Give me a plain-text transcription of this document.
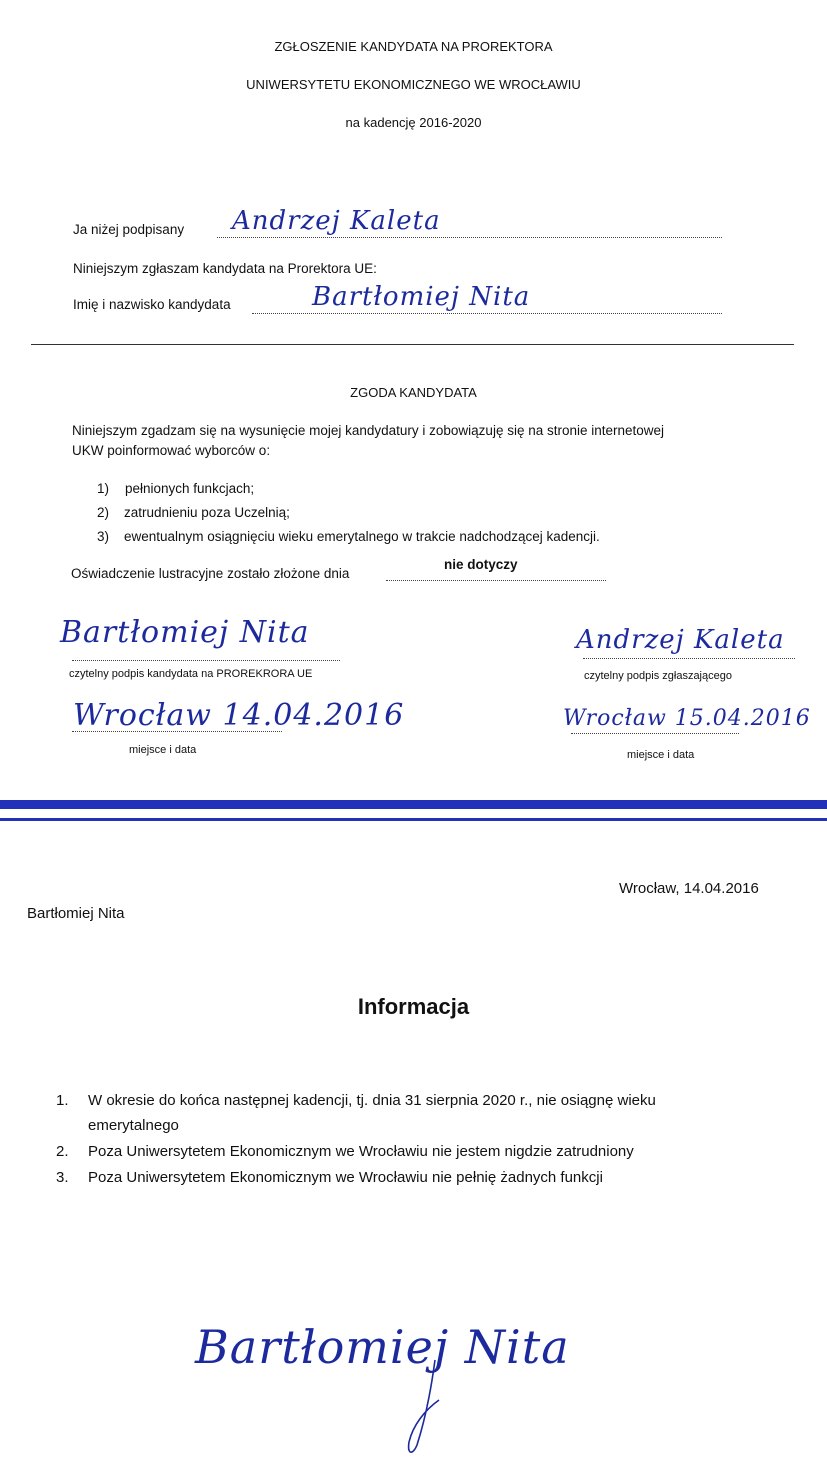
ZGŁOSZENIE KANDYDATA NA PROREKTORA
UNIWERSYTETU EKONOMICZNEGO WE WROCŁAWIU
na kadencję 2016-2020
Ja niżej podpisany Andrzej Kaleta
Niniejszym zgłaszam kandydata na Prorektora UE:
Imię i nazwisko kandydata	Bartłomiej Nita
ZGODA KANDYDATA
Niniejszym zgadzam się na wysunięcie mojej kandydatury i zobowiązuję się na stronie internetowej
UKW poinformować wyborców o:
1) pełnionych funkcjach;
2) zatrudnieniu poza Uczelnią;
3) ewentualnym osiągnięciu wieku emerytalnego w trakcie nadchodzącej kadencji.
Oświadczenie lustracyjne zostało złożone dnia
nie dotyczy
Bartłomiej Nita
czytelny podpis kandydata na PROREKRORA UE
Wrocław 14.04.2016
miejsce i data
Andrzej Kaleta
czytelny podpis zgłaszającego
Wrocław 15.04.2016
miejsce i data
Wrocław, 14.04.2016
Bartłomiej Nita
Informacja
1. W okresie do końca następnej kadencji, tj. dnia 31 sierpnia 2020 r., nie osiągnę wieku
emerytalnego
2. Poza Uniwersytetem Ekonomicznym we Wrocławiu nie jestem nigdzie zatrudniony
3. Poza Uniwersytetem Ekonomicznym we Wrocławiu nie pełnię żadnych funkcji
Bartłomiej Nita
